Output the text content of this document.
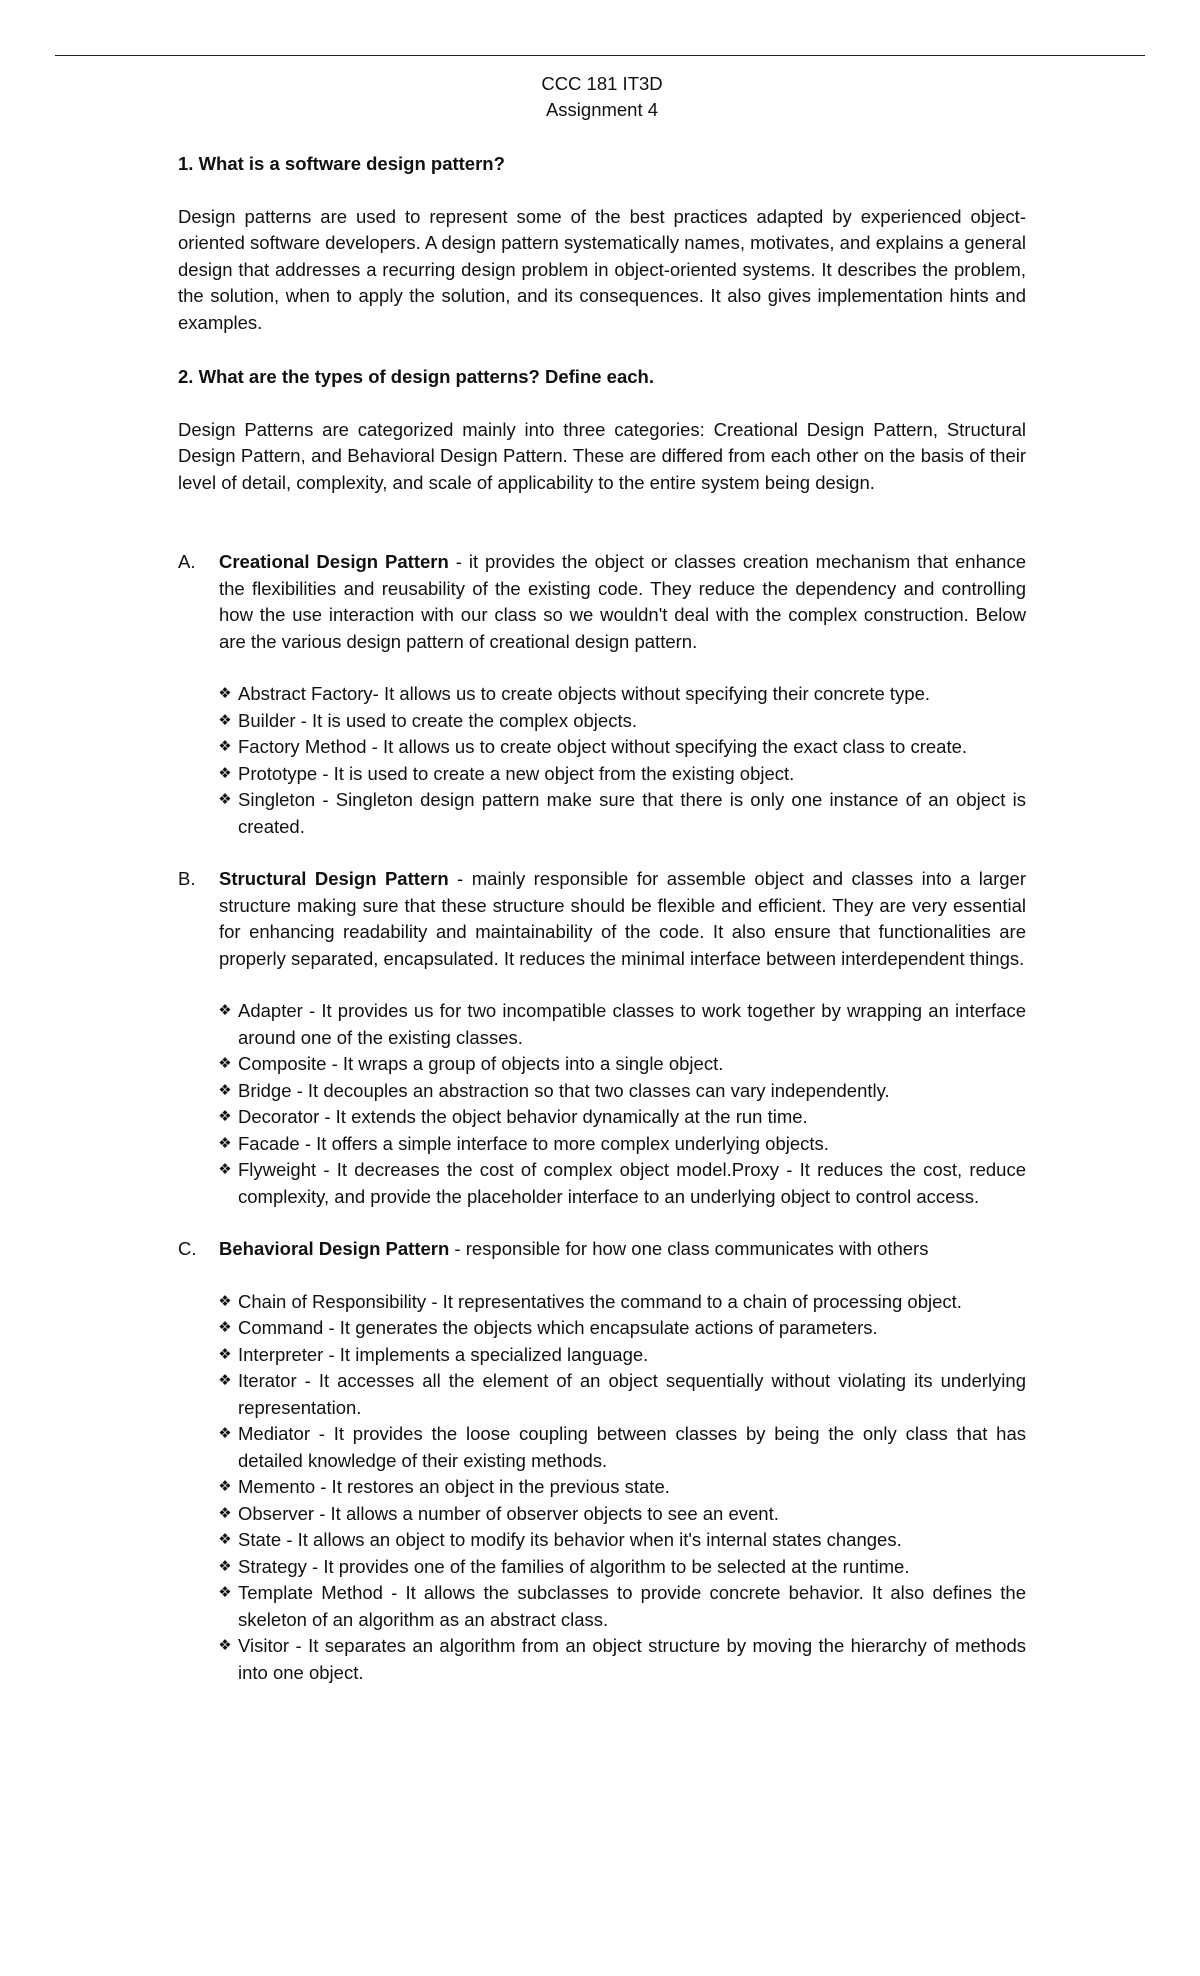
CCC 181 IT3D
Assignment 4
1. What is a software design pattern?
Design patterns are used to represent some of the best practices adapted by experienced object-oriented software developers. A design pattern systematically names, motivates, and explains a general design that addresses a recurring design problem in object-oriented systems. It describes the problem, the solution, when to apply the solution, and its consequences. It also gives implementation hints and examples.
2. What are the types of design patterns? Define each.
Design Patterns are categorized mainly into three categories: Creational Design Pattern, Structural Design Pattern, and Behavioral Design Pattern. These are differed from each other on the basis of their level of detail, complexity, and scale of applicability to the entire system being design.
A. Creational Design Pattern - it provides the object or classes creation mechanism that enhance the flexibilities and reusability of the existing code. They reduce the dependency and controlling how the use interaction with our class so we wouldn't deal with the complex construction. Below are the various design pattern of creational design pattern.
❖ Abstract Factory- It allows us to create objects without specifying their concrete type.
❖ Builder - It is used to create the complex objects.
❖ Factory Method - It allows us to create object without specifying the exact class to create.
❖ Prototype - It is used to create a new object from the existing object.
❖ Singleton - Singleton design pattern make sure that there is only one instance of an object is created.
B. Structural Design Pattern - mainly responsible for assemble object and classes into a larger structure making sure that these structure should be flexible and efficient. They are very essential for enhancing readability and maintainability of the code. It also ensure that functionalities are properly separated, encapsulated. It reduces the minimal interface between interdependent things.
❖ Adapter - It provides us for two incompatible classes to work together by wrapping an interface around one of the existing classes.
❖ Composite - It wraps a group of objects into a single object.
❖ Bridge - It decouples an abstraction so that two classes can vary independently.
❖ Decorator - It extends the object behavior dynamically at the run time.
❖ Facade - It offers a simple interface to more complex underlying objects.
❖ Flyweight - It decreases the cost of complex object model.Proxy - It reduces the cost, reduce complexity, and provide the placeholder interface to an underlying object to control access.
C. Behavioral Design Pattern - responsible for how one class communicates with others
❖ Chain of Responsibility - It representatives the command to a chain of processing object.
❖ Command - It generates the objects which encapsulate actions of parameters.
❖ Interpreter - It implements a specialized language.
❖ Iterator - It accesses all the element of an object sequentially without violating its underlying representation.
❖ Mediator - It provides the loose coupling between classes by being the only class that has detailed knowledge of their existing methods.
❖ Memento - It restores an object in the previous state.
❖ Observer - It allows a number of observer objects to see an event.
❖ State - It allows an object to modify its behavior when it's internal states changes.
❖ Strategy - It provides one of the families of algorithm to be selected at the runtime.
❖ Template Method - It allows the subclasses to provide concrete behavior. It also defines the skeleton of an algorithm as an abstract class.
❖ Visitor - It separates an algorithm from an object structure by moving the hierarchy of methods into one object.
